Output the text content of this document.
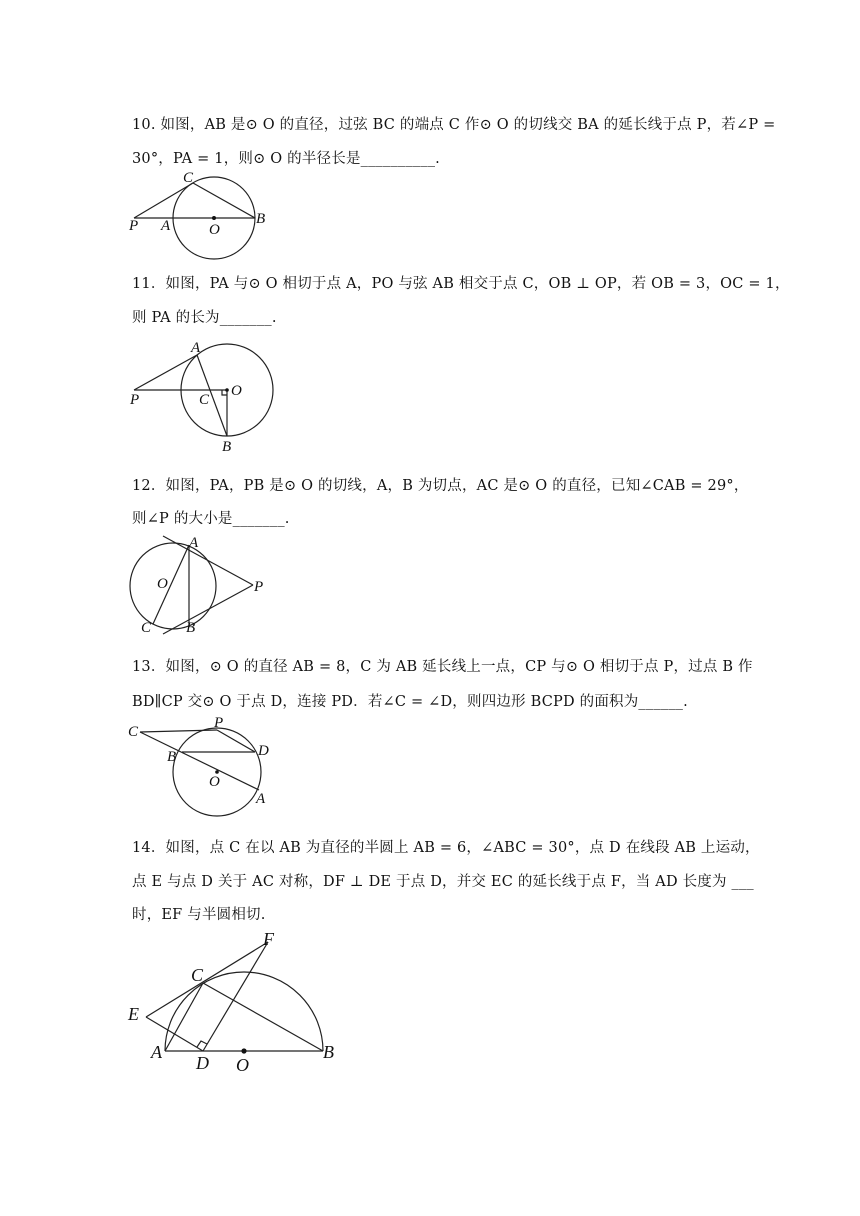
10. 如图，AB 是⊙ O 的直径，过弦 BC 的端点 C 作⊙ O 的切线交 BA 的延长线于点 P，若∠P =
30°，PA = 1，则⊙ O 的半径长是__________.
P A	O
B
C
11．如图，PA 与⊙ O 相切于点 A，PO 与弦 AB 相交于点 C，OB ⊥ OP，若 OB = 3，OC = 1，
则 PA 的长为_______.
P
A
C
O
B
12．如图，PA，PB 是⊙ O 的切线，A，B 为切点，AC 是⊙ O 的直径，已知∠CAB = 29°，
则∠P 的大小是_______.
A
O	P
C B
13．如图，⊙ O 的直径 AB = 8，C 为 AB 延长线上一点，CP 与⊙ O 相切于点 P，过点 B 作
BD∥CP 交⊙ O 于点 D，连接 PD．若∠C = ∠D，则四边形 BCPD 的面积为______.
C
P
B	D
O
A
14．如图，点 C 在以 AB 为直径的半圆上 AB = 6，∠ABC = 30°，点 D 在线段 AB 上运动，
点 E 与点 D 关于 AC 对称，DF ⊥ DE 于点 D，并交 EC 的延长线于点 F，当 AD 长度为 ___
时，EF 与半圆相切.
F
C
E
A
D O
B
